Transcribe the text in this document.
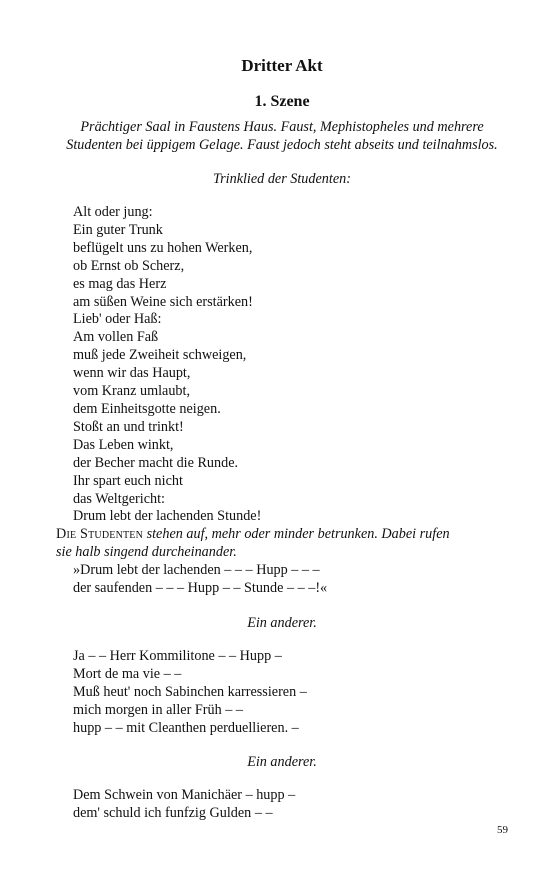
Dritter Akt
1. Szene

Prächtiger Saal in Faustens Haus. Faust, Mephistopheles und mehrere
Studenten bei üppigem Gelage. Faust jedoch steht abseits und teilnahmslos.

Trinklied der Studenten:

Alt oder jung:
Ein guter Trunk
beflügelt uns zu hohen Werken,
ob Ernst ob Scherz,
es mag das Herz
am süßen Weine sich erstärken!
Lieb' oder Haß:
Am vollen Faß
muß jede Zweiheit schweigen,
wenn wir das Haupt,
vom Kranz umlaubt,
dem Einheitsgotte neigen.
Stoßt an und trinkt!
Das Leben winkt,
der Becher macht die Runde.
Ihr spart euch nicht
das Weltgericht:
Drum lebt der lachenden Stunde!

Die Studenten stehen auf, mehr oder minder betrunken. Dabei rufen
sie halb singend durcheinander.

»Drum lebt der lachenden – – – Hupp – – –
der saufenden – – – Hupp – – Stunde – – –!«

Ein anderer.

Ja – – Herr Kommilitone – – Hupp –
Mort de ma vie – –
Muß heut' noch Sabinchen karressieren –
mich morgen in aller Früh – –
hupp – – mit Cleanthen perduellieren. –

Ein anderer.

Dem Schwein von Manichäer – hupp –
dem' schuld ich funfzig Gulden – –
59
